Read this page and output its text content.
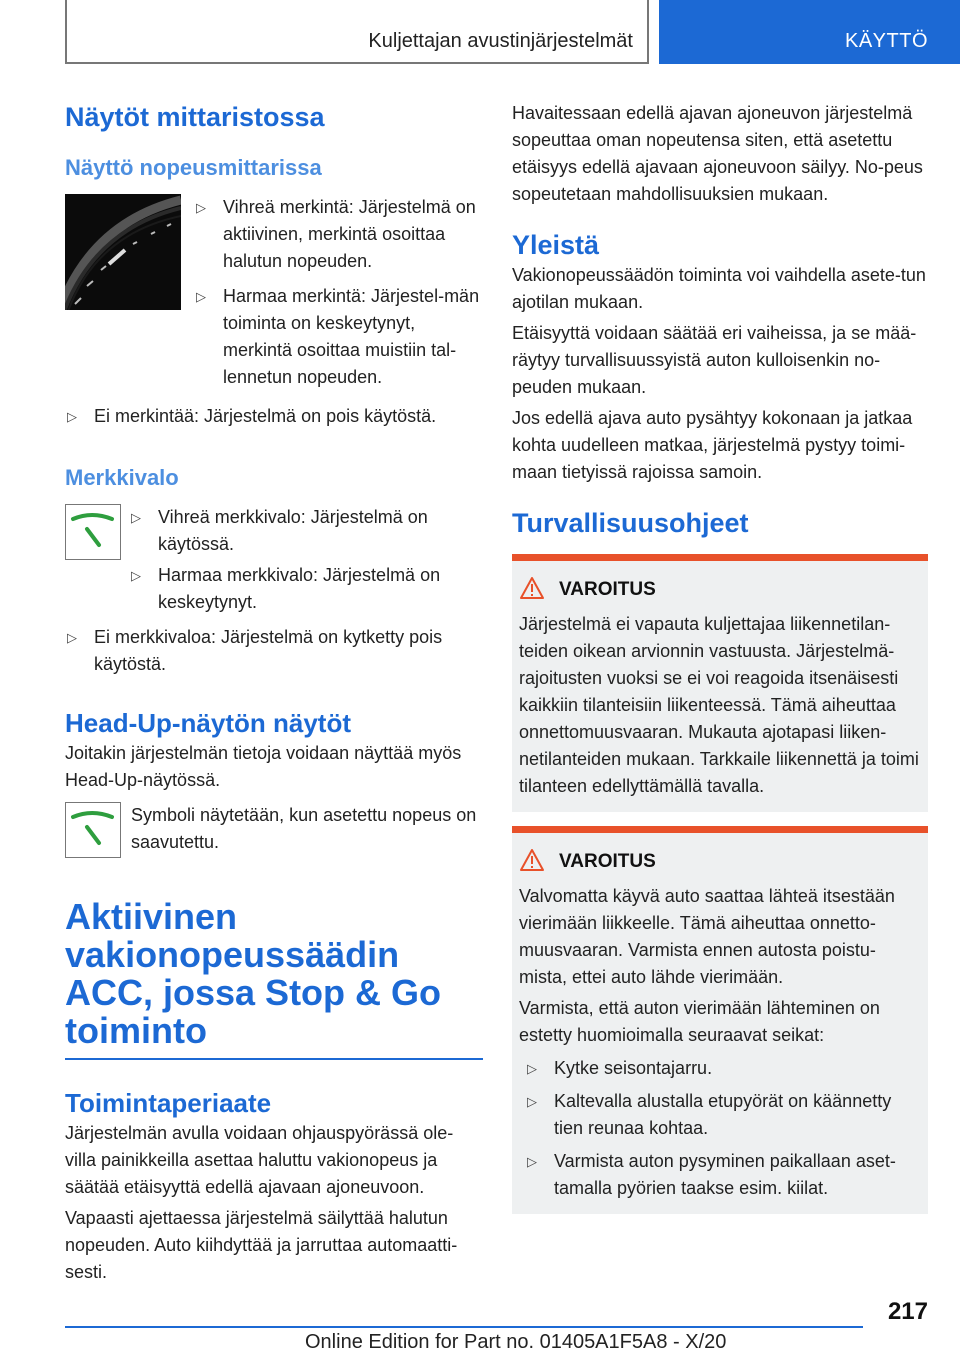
Kuljettajan avustinjärjestelmät	KÄYTTÖ
Näytöt mittaristossa
Näyttö nopeusmittarissa
▷ Vihreä merkintä: Järjestelmä on aktiivinen, merkintä osoittaa halutun nopeuden.
▷ Harmaa merkintä: Järjestel-män toiminta on keskeytynyt, merkintä osoittaa muistiin tal-lennetun nopeuden.
▷ Ei merkintää: Järjestelmä on pois käytöstä.
Merkkivalo
▷ Vihreä merkkivalo: Järjestelmä on käytössä.
▷ Harmaa merkkivalo: Järjestelmä on keskeytynyt.
▷ Ei merkkivaloa: Järjestelmä on kytketty pois käytöstä.
Head-Up-näytön näytöt

Joitakin järjestelmän tietoja voidaan näyttää myös Head-Up-näytössä.

Symboli näytetään, kun asetettu nopeus on saavutettu.

Aktiivinen vakionopeussäädin ACC, jossa Stop & Go toiminto
Toimintaperiaate

Järjestelmän avulla voidaan ohjauspyörässä ole-villa painikkeilla asettaa haluttu vakionopeus ja säätää etäisyyttä edellä ajavaan ajoneuvoon.

Vapaasti ajettaessa järjestelmä säilyttää halutun nopeuden. Auto kiihdyttää ja jarruttaa automaatti-sesti.

Havaitessaan edellä ajavan ajoneuvon järjestelmä sopeuttaa oman nopeutensa siten, että asetettu etäisyys edellä ajavaan ajoneuvoon säilyy. No-peus sopeutetaan mahdollisuuksien mukaan.

Yleistä

Vakionopeussäädön toiminta voi vaihdella asete-tun ajotilan mukaan.

Etäisyyttä voidaan säätää eri vaiheissa, ja se mää-räytyy turvallisuussyistä auton kulloisenkin no-peuden mukaan.

Jos edellä ajava auto pysähtyy kokonaan ja jatkaa kohta uudelleen matkaa, järjestelmä pystyy toimi-maan tietyissä rajoissa samoin.

Turvallisuusohjeet
VAROITUS

Järjestelmä ei vapauta kuljettajaa liikennetilan-teiden oikean arvionnin vastuusta. Järjestelmä-rajoitusten vuoksi se ei voi reagoida itsenäisesti kaikkiin tilanteisiin liikenteessä. Tämä aiheuttaa onnettomuusvaaran. Mukauta ajotapasi liiken-netilanteiden mukaan. Tarkkaile liikennettä ja toimi tilanteen edellyttämällä tavalla.

VAROITUS

Valvomatta käyvä auto saattaa lähteä itsestään vierimään liikkeelle. Tämä aiheuttaa onnetto-muusvaaran. Varmista ennen autosta poistu-mista, ettei auto lähde vierimään.

Varmista, että auton vierimään lähteminen on estetty huomioimalla seuraavat seikat:

▷ Kytke seisontajarru.
▷ Kaltevalla alustalla etupyörät on käännetty tien reunaa kohtaa.
▷ Varmista auton pysyminen paikallaan aset-tamalla pyörien taakse esim. kiilat.
217
Online Edition for Part no. 01405A1F5A8 - X/20
